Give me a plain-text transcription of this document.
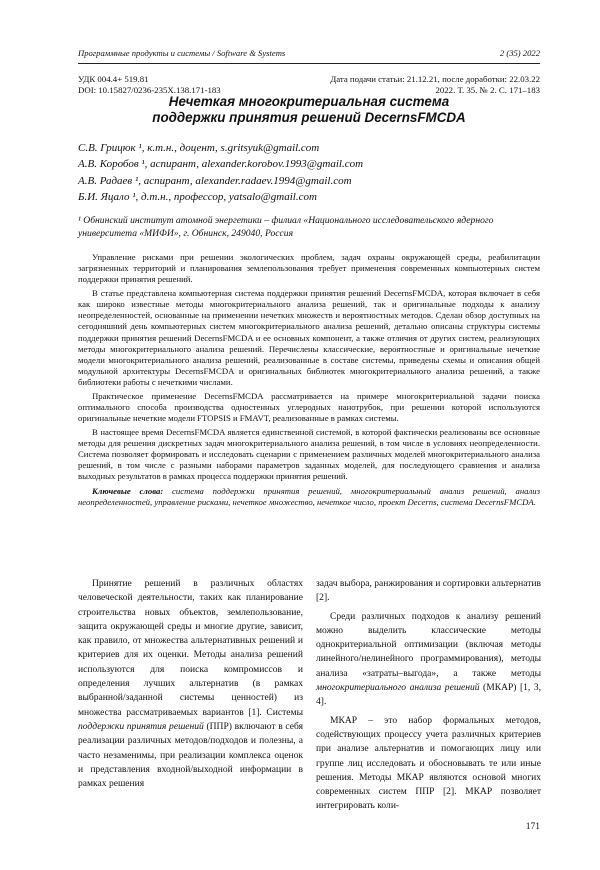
Программные продукты и системы / Software & Systems	2 (35) 2022
УДК 004.4+ 519.81
DOI: 10.15827/0236-235X.138.171-183
Дата подачи статьи: 21.12.21, после доработки: 22.03.22
2022. Т. 35. № 2. С. 171–183
Нечеткая многокритериальная система
поддержки принятия решений DecernsFMCDA
С.В. Грицюк ¹, к.т.н., доцент, s.gritsyuk@gmail.com
А.В. Коробов ¹, аспирант, alexander.korobov.1993@gmail.com
А.В. Радаев ¹, аспирант, alexander.radaev.1994@gmail.com
Б.И. Яцало ¹, д.т.н., профессор, yatsalo@gmail.com
¹ Обнинский институт атомной энергетики – филиал «Национального исследовательского ядерного университета «МИФИ», г. Обнинск, 249040, Россия

Управление рисками при решении экологических проблем, задач охраны окружающей среды, реабилитации загрязненных территорий и планирования землепользования требует применения современных компьютерных систем поддержки принятия решений.

В статье представлена компьютерная система поддержки принятия решений DecernsFMCDA, которая включает в себя как широко известные методы многокритериального анализа решений, так и оригинальные подходы к анализу неопределенностей, основанные на применении нечетких множеств и вероятностных методов. Сделан обзор доступных на сегодняшний день компьютерных систем многокритериального анализа решений, детально описаны структуры системы поддержки принятия решений DecernsFMCDA и ее основных компонент, а также отличия от других систем, реализующих методы многокритериального анализа решений. Перечислены классические, вероятностные и оригинальные нечеткие модели многокритериального анализа решений, реализованные в составе системы, приведены схемы и описания общей модульной архитектуры DecernsFMCDA и оригинальных библиотек многокритериального анализа решений, а также библиотеки работы с нечеткими числами.

Практическое применение DecernsFMCDA рассматривается на примере многокритериальной задачи поиска оптимального способа производства одностенных углеродных нанотрубок, при решении которой используются оригинальные нечеткие модели FTOPSIS и FMAVT, реализованные в рамках системы.

В настоящее время DecernsFMCDA является единственной системой, в которой фактически реализованы все основные методы для решения дискретных задач многокритериального анализа решений, в том числе в условиях неопределенности. Система позволяет формировать и исследовать сценарии с применением различных моделей многокритериального анализа решений, в том числе с разными наборами параметров заданных моделей, для последующего сравнения и анализа выходных результатов в рамках процесса поддержки принятия решений.

Ключевые слова: система поддержки принятия решений, многокритериальный анализ решений, анализ неопределенностей, управление рисками, нечеткое множество, нечеткое число, проект Decerns, система DecernsFMCDA.

Принятие решений в различных областях человеческой деятельности, таких как планирование строительства новых объектов, землепользование, защита окружающей среды и многие другие, зависит, как правило, от множества альтернативных решений и критериев для их оценки. Методы анализа решений используются для поиска компромиссов и определения лучших альтернатив (в рамках выбранной/заданной системы ценностей) из множества рассматриваемых вариантов [1]. Системы поддержки принятия решений (ППР) включают в себя реализации различных методов/подходов и полезны, а часто незаменимы, при реализации комплекса оценок и представления входной/выходной информации в рамках решения

задач выбора, ранжирования и сортировки альтернатив [2].

Среди различных подходов к анализу решений можно выделить классические методы однокритериальной оптимизации (включая методы линейного/нелинейного программирования), методы анализа «затраты–выгода», а также методы многокритериального анализа решений (МКАР) [1, 3, 4].

МКАР – это набор формальных методов, содействующих процессу учета различных критериев при анализе альтернатив и помогающих лицу или группе лиц исследовать и обосновывать те или иные решения. Методы МКАР являются основой многих современных систем ППР [2]. МКАР позволяет интегрировать коли-

171
